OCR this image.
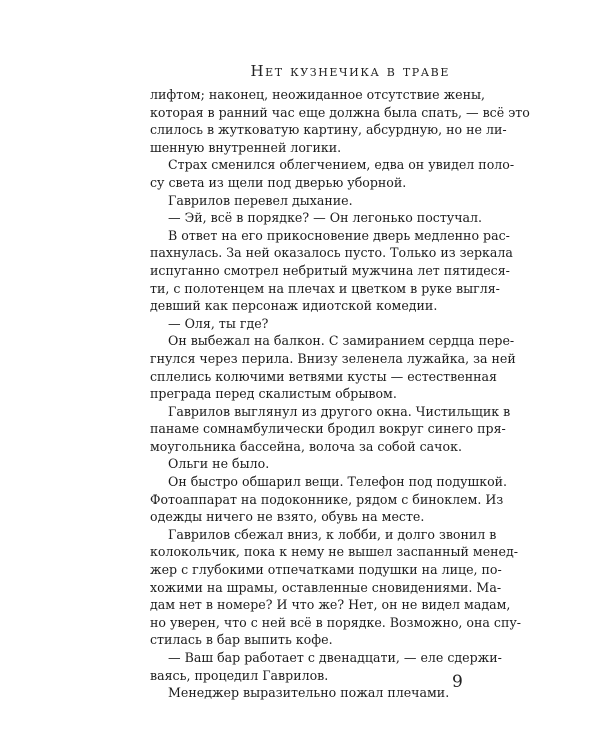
Нет кузнечика в траве
лифтом; наконец, неожиданное отсутствие жены,
которая в ранний час еще должна была спать, — всё это
слилось в жутковатую картину, абсурдную, но не ли-
шенную внутренней логики.
Страх сменился облегчением, едва он увидел поло-
су света из щели под дверью уборной.
Гаврилов перевел дыхание.
— Эй, всё в порядке? — Он легонько постучал.
В ответ на его прикосновение дверь медленно рас-
пахнулась. За ней оказалось пусто. Только из зеркала
испуганно смотрел небритый мужчина лет пятидеся-
ти, с полотенцем на плечах и цветком в руке выгля-
девший как персонаж идиотской комедии.
— Оля, ты где?
Он выбежал на балкон. С замиранием сердца пере-
гнулся через перила. Внизу зеленела лужайка, за ней
сплелись колючими ветвями кусты — естественная
преграда перед скалистым обрывом.
Гаврилов выглянул из другого окна. Чистильщик в
панаме сомнамбулически бродил вокруг синего пря-
моугольника бассейна, волоча за собой сачок.
Ольги не было.
Он быстро обшарил вещи. Телефон под подушкой.
Фотоаппарат на подоконнике, рядом с биноклем. Из
одежды ничего не взято, обувь на месте.
Гаврилов сбежал вниз, к лобби, и долго звонил в
колокольчик, пока к нему не вышел заспанный менед-
жер с глубокими отпечатками подушки на лице, по-
хожими на шрамы, оставленные сновидениями. Ма-
дам нет в номере? И что же? Нет, он не видел мадам,
но уверен, что с ней всё в порядке. Возможно, она спу-
стилась в бар выпить кофе.
— Ваш бар работает с двенадцати, — еле сдержи-
ваясь, процедил Гаврилов.
Менеджер выразительно пожал плечами.
9
